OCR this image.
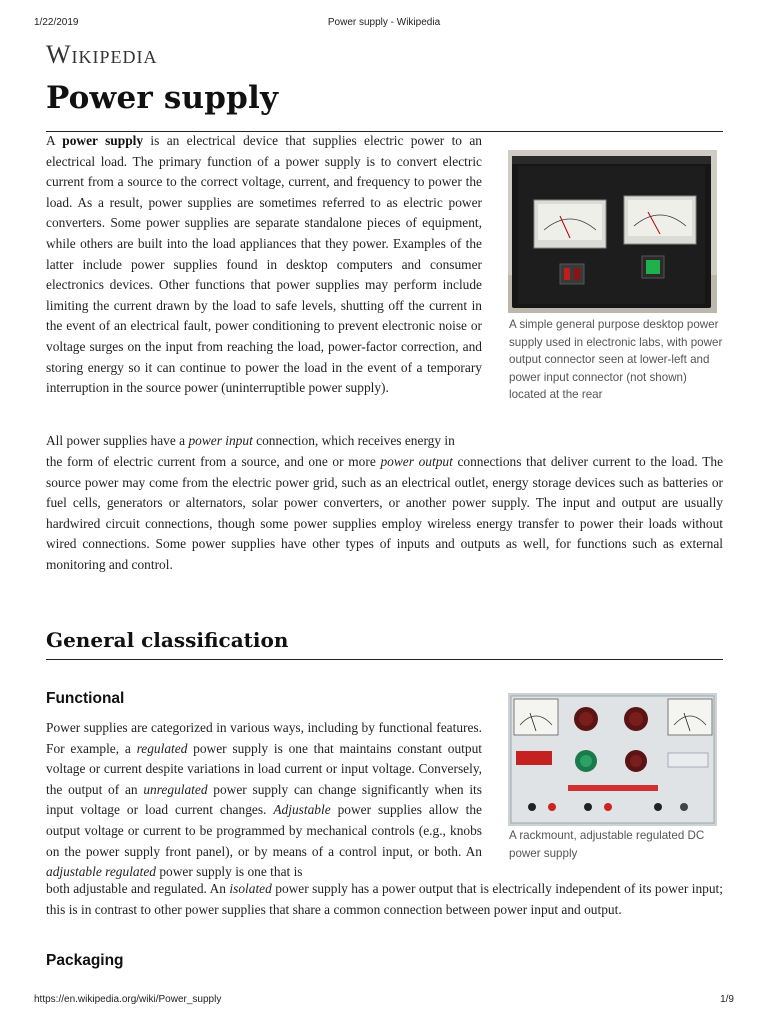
1/22/2019	Power supply - Wikipedia
Wikipedia
Power supply

A power supply is an electrical device that supplies electric power to an electrical load. The primary function of a power supply is to convert electric current from a source to the correct voltage, current, and frequency to power the load. As a result, power supplies are sometimes referred to as electric power converters. Some power supplies are separate standalone pieces of equipment, while others are built into the load appliances that they power. Examples of the latter include power supplies found in desktop computers and consumer electronics devices. Other functions that power supplies may perform include limiting the current drawn by the load to safe levels, shutting off the current in the event of an electrical fault, power conditioning to prevent electronic noise or voltage surges on the input from reaching the load, power-factor correction, and storing energy so it can continue to power the load in the event of a temporary interruption in the source power (uninterruptible power supply).

A simple general purpose desktop power supply used in electronic labs, with power output connector seen at lower-left and power input connector (not shown) located at the rear

All power supplies have a power input connection, which receives energy in

the form of electric current from a source, and one or more power output connections that deliver current to the load. The source power may come from the electric power grid, such as an electrical outlet, energy storage devices such as batteries or fuel cells, generators or alternators, solar power converters, or another power supply. The input and output are usually hardwired circuit connections, though some power supplies employ wireless energy transfer to power their loads without wired connections. Some power supplies have other types of inputs and outputs as well, for functions such as external monitoring and control.

General classification
Functional

Power supplies are categorized in various ways, including by functional features. For example, a regulated power supply is one that maintains constant output voltage or current despite variations in load current or input voltage. Conversely, the output of an unregulated power supply can change significantly when its input voltage or load current changes. Adjustable power supplies allow the output voltage or current to be programmed by mechanical controls (e.g., knobs on the power supply front panel), or by means of a control input, or both. An adjustable regulated power supply is one that is

A rackmount, adjustable regulated DC power supply

both adjustable and regulated. An isolated power supply has a power output that is electrically independent of its power input; this is in contrast to other power supplies that share a common connection between power input and output.

Packaging
https://en.wikipedia.org/wiki/Power_supply	1/9
